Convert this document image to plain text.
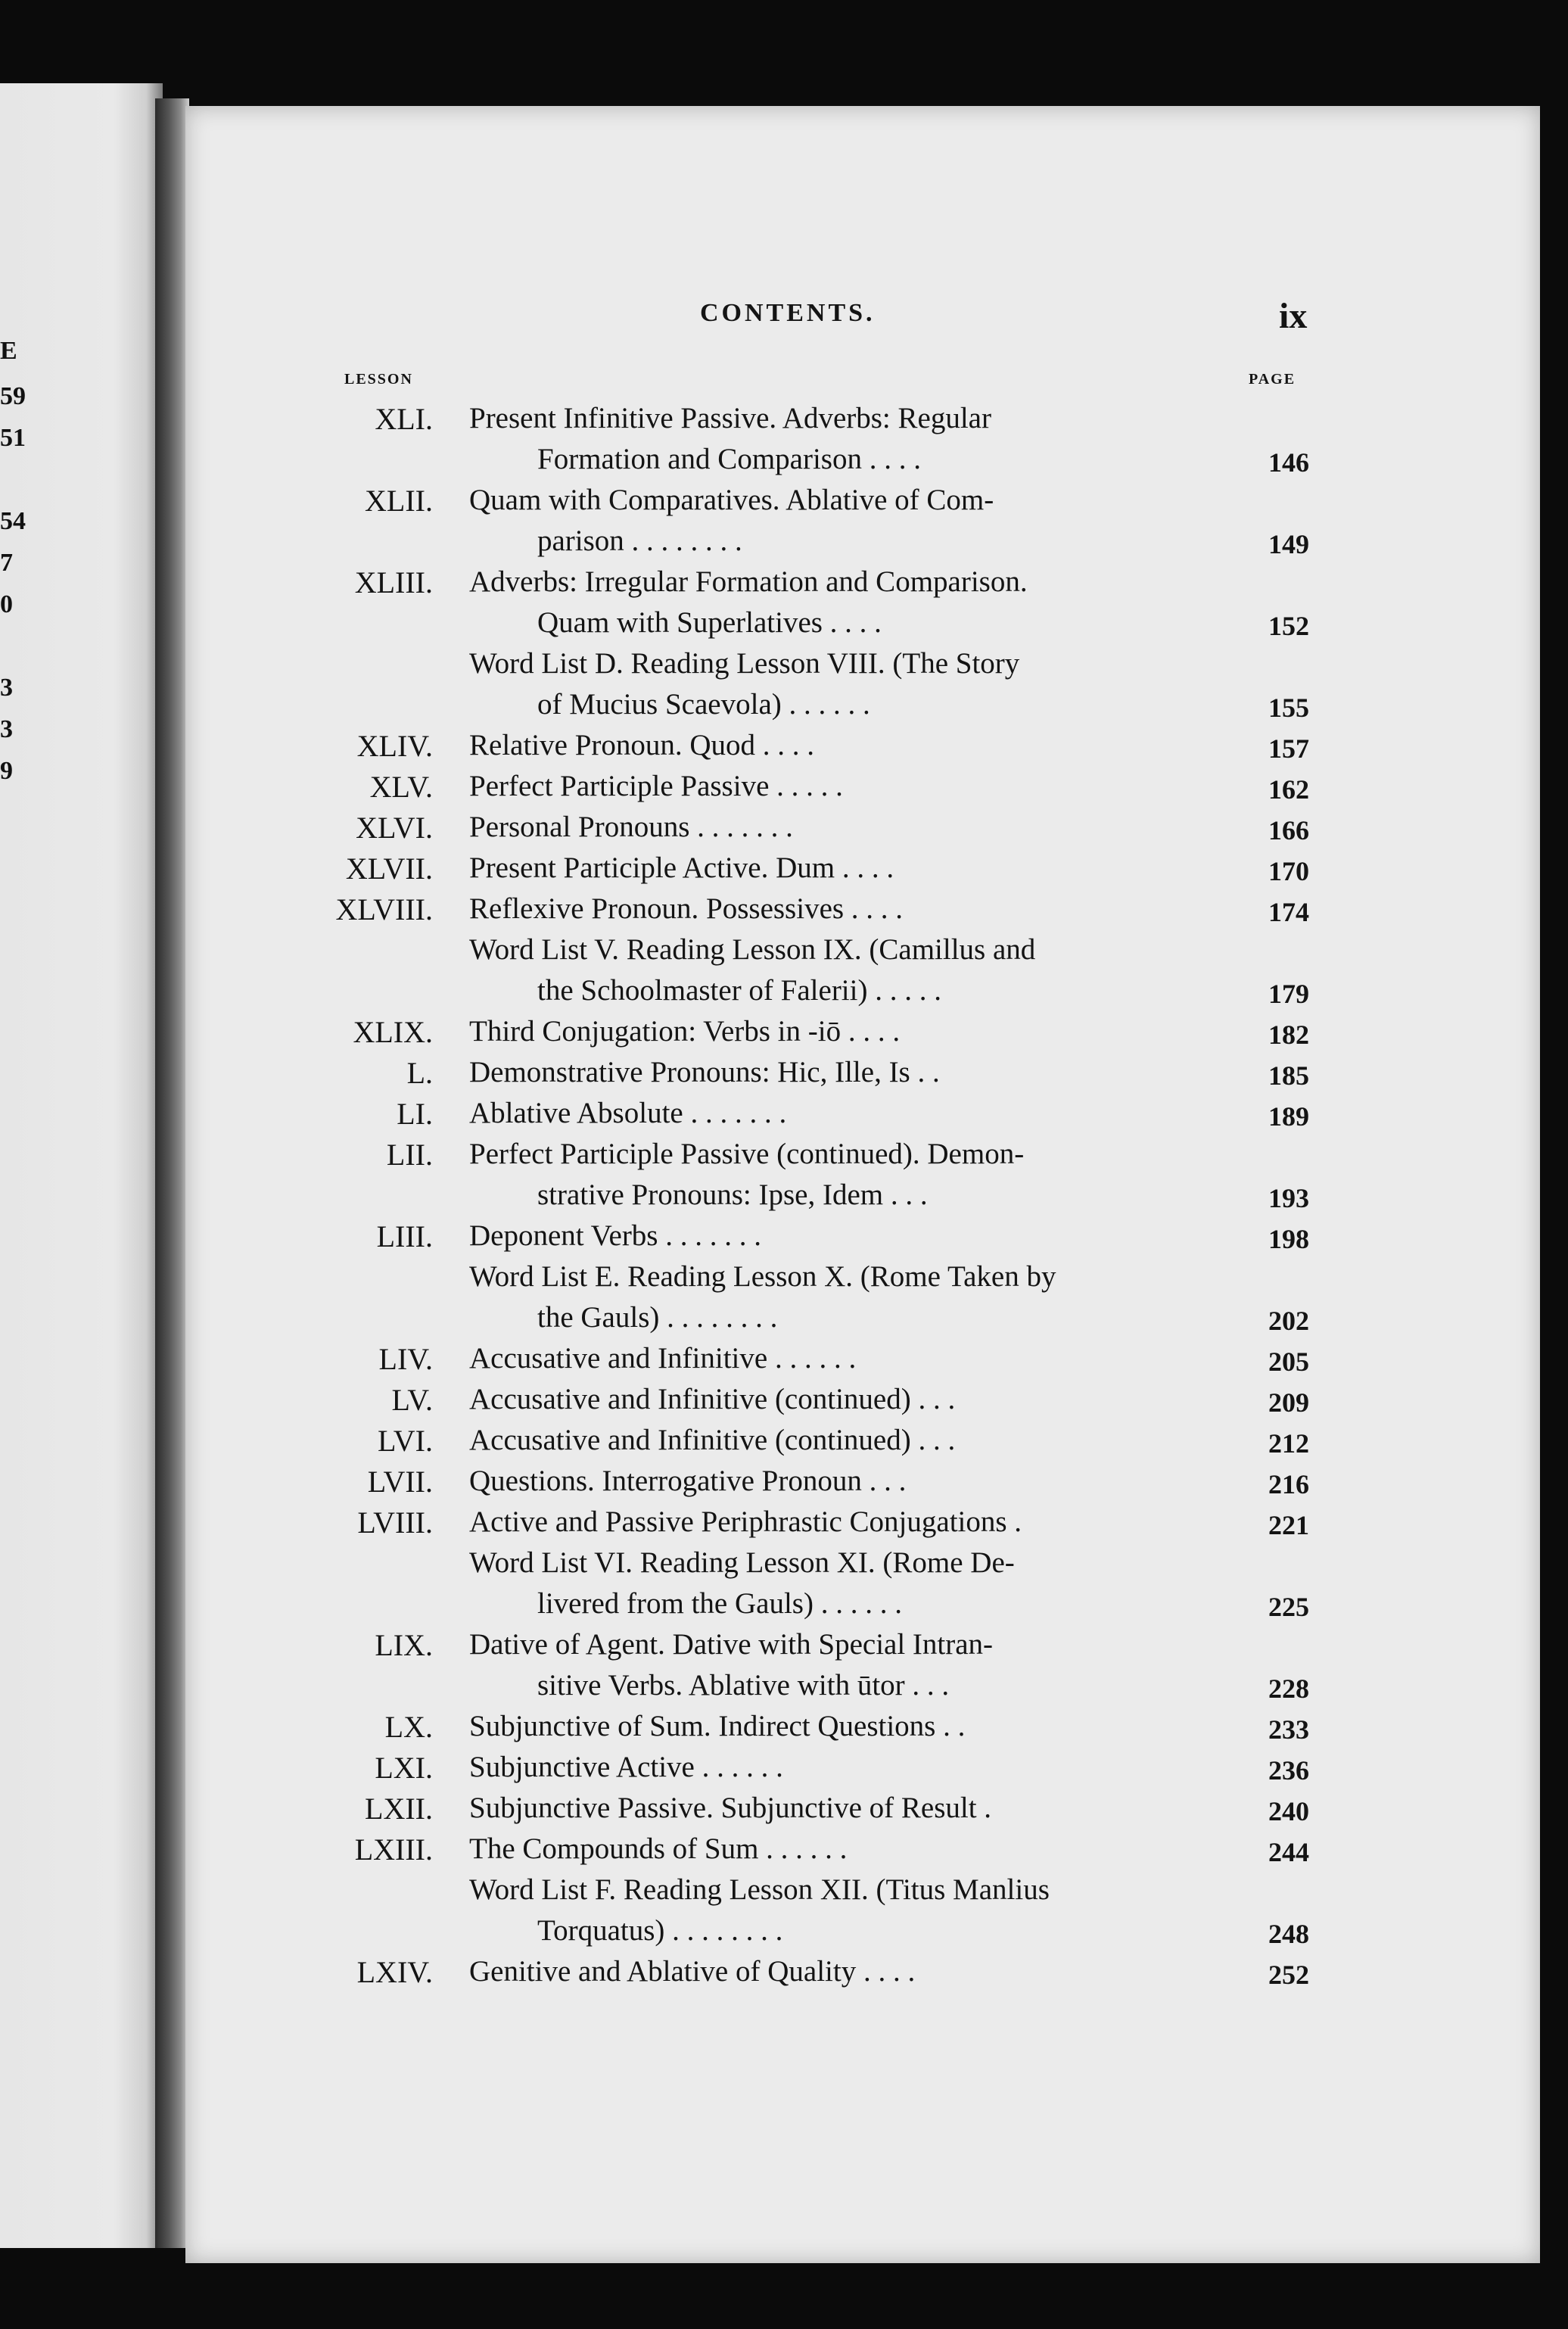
E
59
51
54
7
0
3
3
9
CONTENTS.	ix
LESSON	PAGE
XLI. Present Infinitive Passive. Adverbs: Regular
Formation and Comparison . . . .	146
XLII. Quam with Comparatives. Ablative of Com-
parison . . . . . . . .	149
XLIII. Adverbs: Irregular Formation and Comparison.
Quam with Superlatives . . . .	152
Word List D. Reading Lesson VIII. (The Story
of Mucius Scaevola) . . . . . .	155
XLIV. Relative Pronoun. Quod . . . .	157
XLV. Perfect Participle Passive . . . . .	162
XLVI. Personal Pronouns . . . . . . .	166
XLVII. Present Participle Active. Dum . . . .	170
XLVIII. Reflexive Pronoun. Possessives . . . .	174
Word List V. Reading Lesson IX. (Camillus and
the Schoolmaster of Falerii) . . . . .	179
XLIX. Third Conjugation: Verbs in -iō . . . .	182
L. Demonstrative Pronouns: Hic, Ille, Is . .	185
LI. Ablative Absolute . . . . . . .	189
LII. Perfect Participle Passive (continued). Demon-
strative Pronouns: Ipse, Idem . . .	193
LIII. Deponent Verbs . . . . . . .	198
Word List E. Reading Lesson X. (Rome Taken by
the Gauls) . . . . . . . .	202
LIV. Accusative and Infinitive . . . . . .	205
LV. Accusative and Infinitive (continued) . . .	209
LVI. Accusative and Infinitive (continued) . . .	212
LVII. Questions. Interrogative Pronoun . . .	216
LVIII. Active and Passive Periphrastic Conjugations .	221
Word List VI. Reading Lesson XI. (Rome De-
livered from the Gauls) . . . . . .	225
LIX. Dative of Agent. Dative with Special Intran-
sitive Verbs. Ablative with ūtor . . .	228
LX. Subjunctive of Sum. Indirect Questions . .	233
LXI. Subjunctive Active . . . . . .	236
LXII. Subjunctive Passive. Subjunctive of Result .	240
LXIII. The Compounds of Sum . . . . . .	244
Word List F. Reading Lesson XII. (Titus Manlius
Torquatus) . . . . . . . .	248
LXIV. Genitive and Ablative of Quality . . . .	252
